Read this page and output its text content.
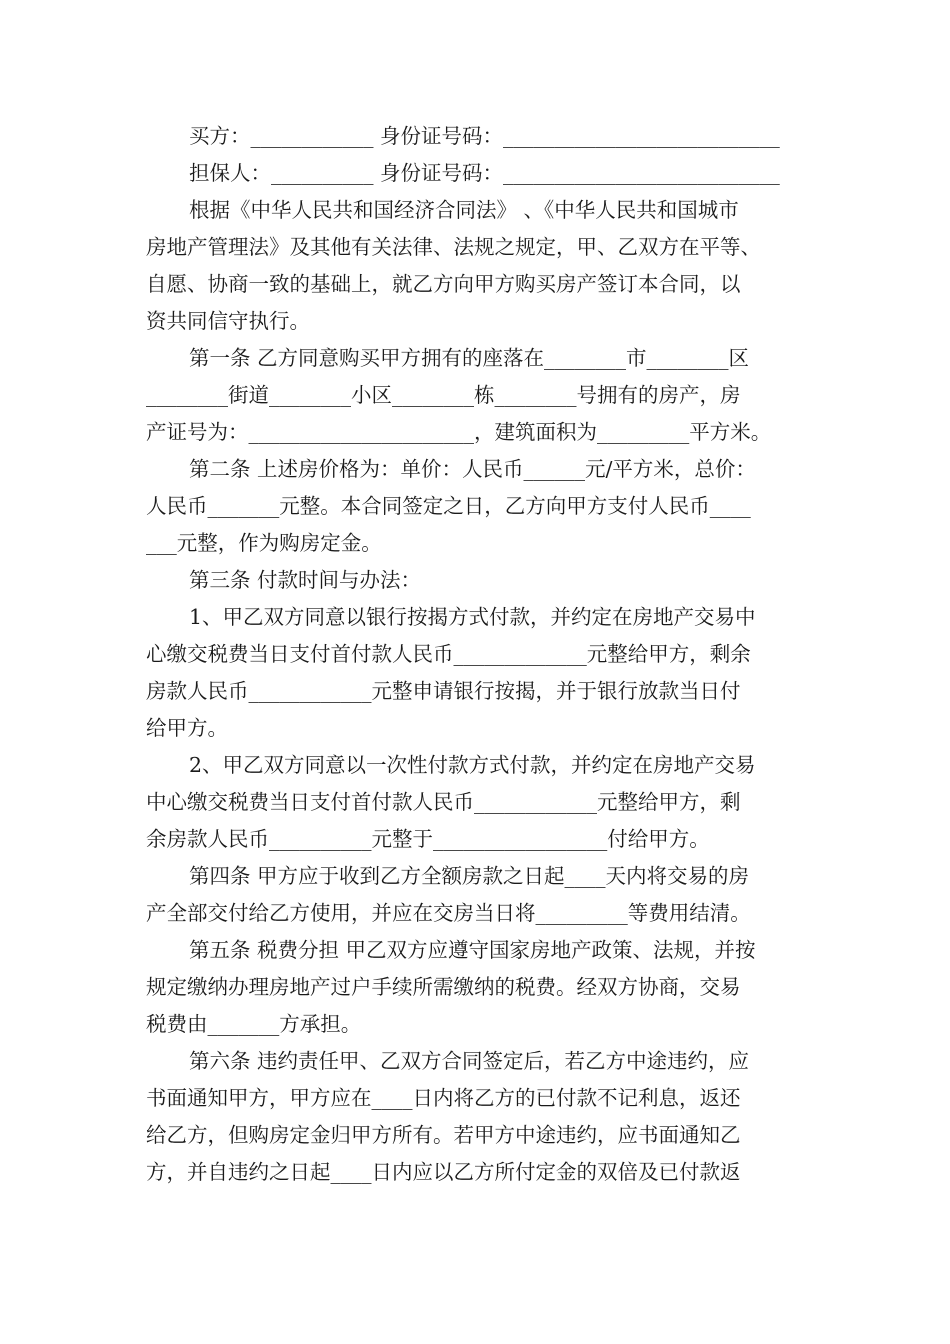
买方：____________ 身份证号码：___________________________
担保人：__________ 身份证号码：___________________________
根据《中华人民共和国经济合同法》 、《中华人民共和国城市
房地产管理法》及其他有关法律、法规之规定，甲、乙双方在平等、
自愿、协商一致的基础上，就乙方向甲方购买房产签订本合同，以
资共同信守执行。
第一条 乙方同意购买甲方拥有的座落在________市________区
________街道________小区________栋________号拥有的房产，房
产证号为：______________________，建筑面积为_________平方米。
第二条 上述房价格为：单价：人民币______元/平方米，总价：
人民币_______元整。本合同签定之日，乙方向甲方支付人民币____
___元整，作为购房定金。
第三条 付款时间与办法：
1、甲乙双方同意以银行按揭方式付款，并约定在房地产交易中
心缴交税费当日支付首付款人民币_____________元整给甲方，剩余
房款人民币____________元整申请银行按揭，并于银行放款当日付
给甲方。
2、甲乙双方同意以一次性付款方式付款，并约定在房地产交易
中心缴交税费当日支付首付款人民币____________元整给甲方，剩
余房款人民币__________元整于_________________付给甲方。
第四条 甲方应于收到乙方全额房款之日起____天内将交易的房
产全部交付给乙方使用，并应在交房当日将_________等费用结清。
第五条 税费分担 甲乙双方应遵守国家房地产政策、法规，并按
规定缴纳办理房地产过户手续所需缴纳的税费。经双方协商，交易
税费由_______方承担。
第六条 违约责任甲、乙双方合同签定后，若乙方中途违约，应
书面通知甲方，甲方应在____日内将乙方的已付款不记利息，返还
给乙方，但购房定金归甲方所有。若甲方中途违约，应书面通知乙
方，并自违约之日起____日内应以乙方所付定金的双倍及已付款返
